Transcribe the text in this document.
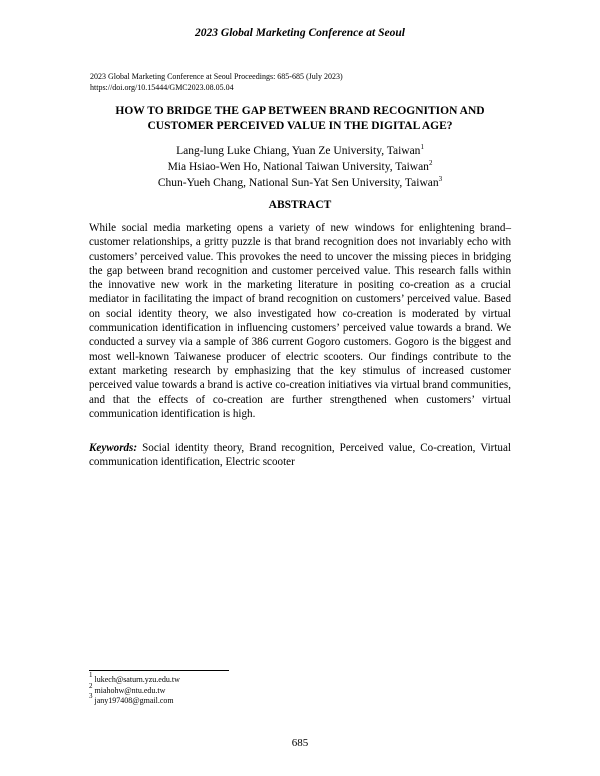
2023 Global Marketing Conference at Seoul
2023 Global Marketing Conference at Seoul Proceedings: 685-685 (July 2023)
https://doi.org/10.15444/GMC2023.08.05.04
HOW TO BRIDGE THE GAP BETWEEN BRAND RECOGNITION AND
CUSTOMER PERCEIVED VALUE IN THE DIGITAL AGE?
Lang-lung Luke Chiang, Yuan Ze University, Taiwan$^1$
Mia Hsiao-Wen Ho, National Taiwan University, Taiwan$^2$
Chun-Yueh Chang, National Sun-Yat Sen University, Taiwan$^3$
ABSTRACT
While social media marketing opens a variety of new windows for enlightening brand–customer relationships, a gritty puzzle is that brand recognition does not invariably echo with customers’ perceived value. This provokes the need to uncover the missing pieces in bridging the gap between brand recognition and customer perceived value. This research falls within the innovative new work in the marketing literature in positing co-creation as a crucial mediator in facilitating the impact of brand recognition on customers’ perceived value. Based on social identity theory, we also investigated how co-creation is moderated by virtual communication identification in influencing customers’ perceived value towards a brand. We conducted a survey via a sample of 386 current Gogoro customers. Gogoro is the biggest and most well-known Taiwanese producer of electric scooters. Our findings contribute to the extant marketing research by emphasizing that the key stimulus of increased customer perceived value towards a brand is active co-creation initiatives via virtual brand communities, and that the effects of co-creation are further strengthened when customers’ virtual communication identification is high.
Keywords: Social identity theory, Brand recognition, Perceived value, Co-creation, Virtual communication identification, Electric scooter
$^1$ lukech@saturn.yzu.edu.tw
$^2$ miahohw@ntu.edu.tw
$^3$ jany197408@gmail.com
685
